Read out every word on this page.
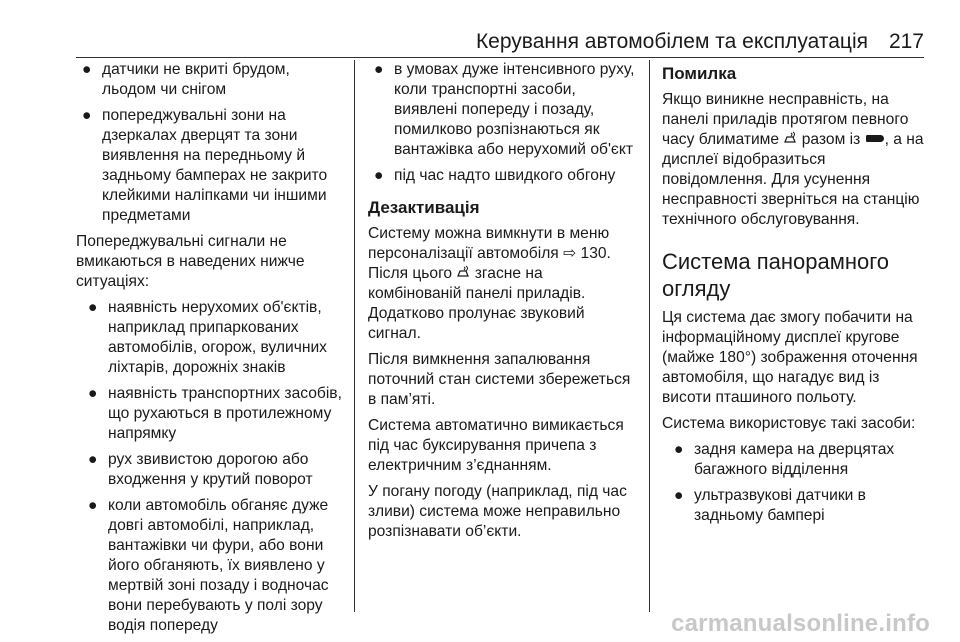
Керування автомобілем та експлуатація 217
● датчики не вкриті брудом, льодом чи снігом
● попереджувальні зони на дзеркалах дверцят та зони виявлення на передньому й задньому бамперах не закрито клейкими наліпками чи іншими предметами
Попереджувальні сигнали не вмикаються в наведених нижче ситуаціях:
● наявність нерухомих об'єктів, наприклад припаркованих автомобілів, огорож, вуличних ліхтарів, дорожніх знаків
● наявність транспортних засобів, що рухаються в протилежному напрямку
● рух звивистою дорогою або входження у крутий поворот
● коли автомобіль обганяє дуже довгі автомобілі, наприклад, вантажівки чи фури, або вони його обганяють, їх виявлено у мертвій зоні позаду і водночас вони перебувають у полі зору водія попереду
● в умовах дуже інтенсивного руху, коли транспортні засоби, виявлені попереду і позаду, помилково розпізнаються як вантажівка або нерухомий об'єкт
● під час надто швидкого обгону
Дезактивація
Систему можна вимкнути в меню персоналізації автомобіля ⇨ 130. Після цього згасне на комбінованій панелі приладів. Додатково пролунає звуковий сигнал.
Після вимкнення запалювання поточний стан системи збережеться в пам’яті.
Система автоматично вимикається під час буксирування причепа з електричним з’єднанням.
У погану погоду (наприклад, під час зливи) система може неправильно розпізнавати об’єкти.
Помилка
Якщо виникне несправність, на панелі приладів протягом певного часу блиматиме разом із , а на дисплеї відобразиться повідомлення. Для усунення несправності зверніться на станцію технічного обслуговування.
Система панорамного огляду
Ця система дає змогу побачити на інформаційному дисплеї кругове (майже 180°) зображення оточення автомобіля, що нагадує вид із висоти пташиного польоту.
Система використовує такі засоби:
● задня камера на дверцятах багажного відділення
● ультразвукові датчики в задньому бампері
carmanualsonline.info
